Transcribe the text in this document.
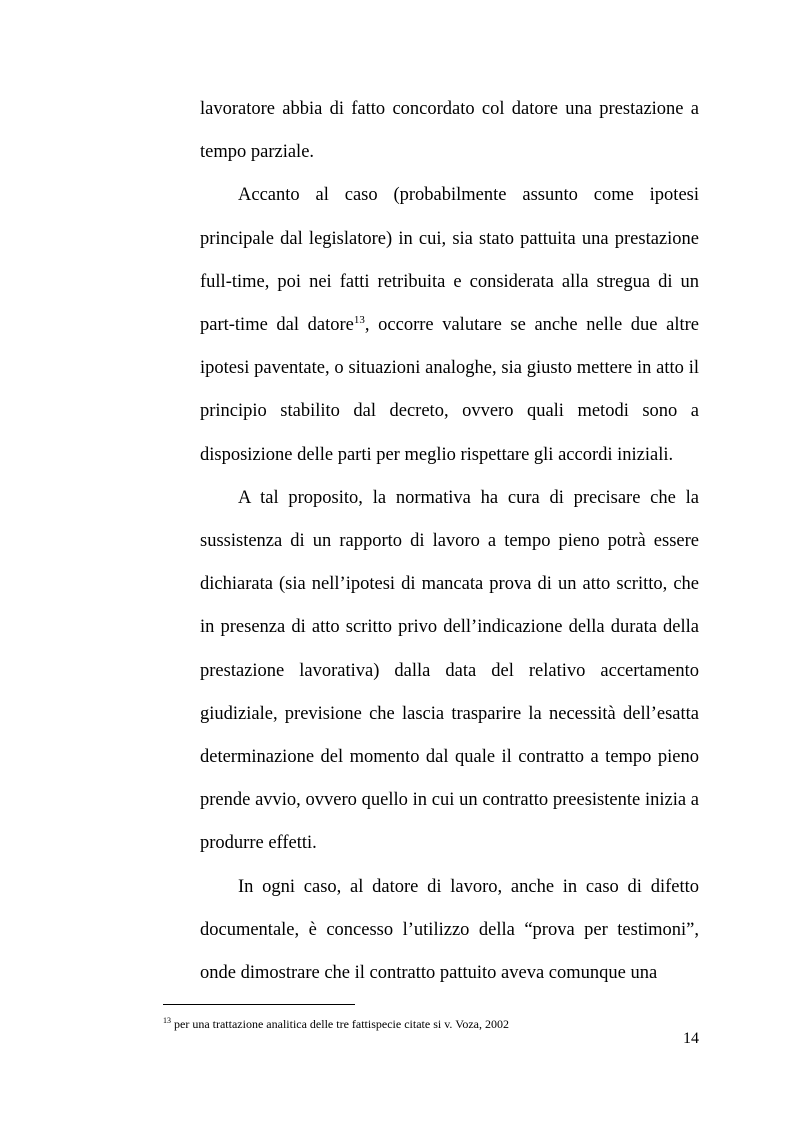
lavoratore abbia di fatto concordato col datore una prestazione a tempo parziale.

Accanto al caso (probabilmente assunto come ipotesi principale dal legislatore) in cui, sia stato pattuita una prestazione full-time, poi nei fatti retribuita e considerata alla stregua di un part-time dal datore$^{13}$, occorre valutare se anche nelle due altre ipotesi paventate, o situazioni analoghe, sia giusto mettere in atto il principio stabilito dal decreto, ovvero quali metodi sono a disposizione delle parti per meglio rispettare gli accordi iniziali.

A tal proposito, la normativa ha cura di precisare che la sussistenza di un rapporto di lavoro a tempo pieno potrà essere dichiarata (sia nell’ipotesi di mancata prova di un atto scritto, che in presenza di atto scritto privo dell’indicazione della durata della prestazione lavorativa) dalla data del relativo accertamento giudiziale, previsione che lascia trasparire la necessità dell’esatta determinazione del momento dal quale il contratto a tempo pieno prende avvio, ovvero quello in cui un contratto preesistente inizia a produrre effetti.

In ogni caso, al datore di lavoro, anche in caso di difetto documentale, è concesso l’utilizzo della “prova per testimoni”, onde dimostrare che il contratto pattuito aveva comunque una

$^{13}$ per una trattazione analitica delle tre fattispecie citate si v. Voza, 2002

14
